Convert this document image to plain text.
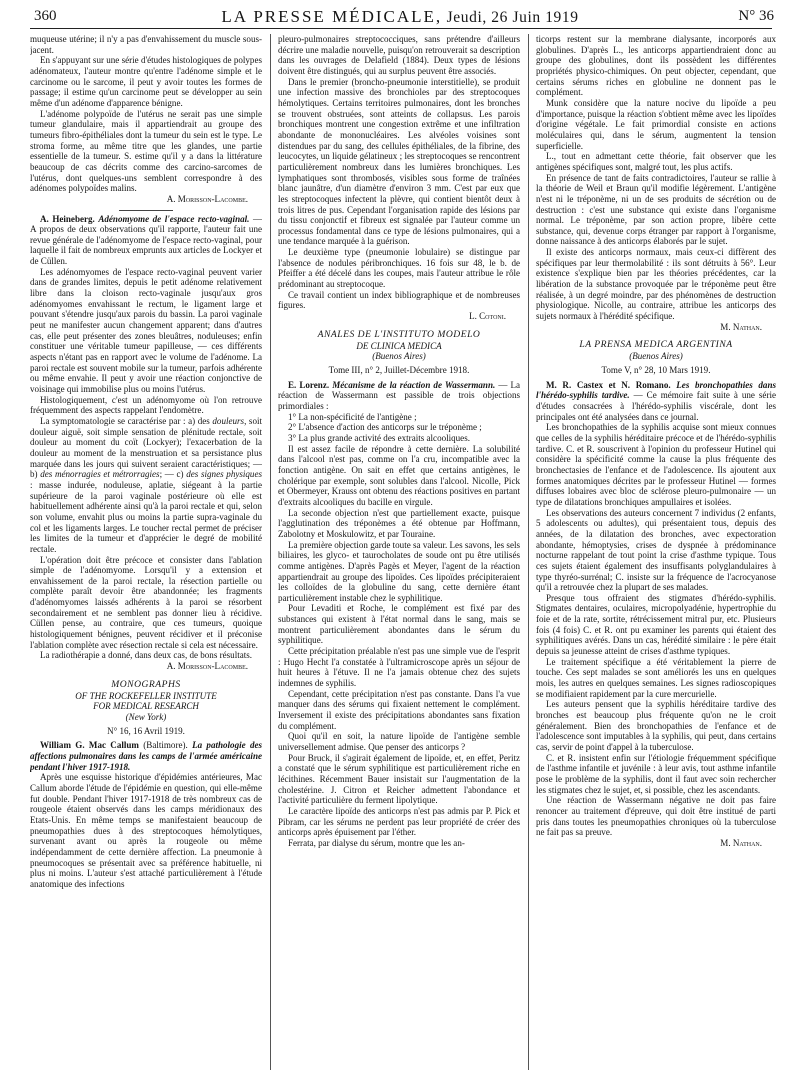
360	LA PRESSE MÉDICALE, Jeudi, 26 Juin 1919	N° 36

muqueuse utérine; il n'y a pas d'envahissement du muscle sous-jacent.

En s'appuyant sur une série d'études histologiques de polypes adénomateux, l'auteur montre qu'entre l'adénome simple et le carcinome ou le sarcome, il peut y avoir toutes les formes de passage; il estime qu'un carcinome peut se développer au sein même d'un adénome d'apparence bénigne.

L'adénome polypoïde de l'utérus ne serait pas une simple tumeur glandulaire, mais il appartiendrait au groupe des tumeurs fibro-épithéliales dont la tumeur du sein est le type. Le stroma forme, au même titre que les glandes, une partie essentielle de la tumeur. S. estime qu'il y a dans la littérature beaucoup de cas décrits comme des carcino-sarcomes de l'utérus, dont quelques-uns semblent correspondre à des adénomes polypoïdes malins.

A. Morisson-Lacombe.

A. Heineberg. Adénomyome de l'espace recto-vaginal. — A propos de deux observations qu'il rapporte, l'auteur fait une revue générale de l'adénomyome de l'espace recto-vaginal, pour laquelle il fait de nombreux emprunts aux articles de Lockyer et de Cüllen.

Les adénomyomes de l'espace recto-vaginal peuvent varier dans de grandes limites, depuis le petit adénome relativement libre dans la cloison recto-vaginale jusqu'aux gros adénomyomes envahissant le rectum, le ligament large et pouvant s'étendre jusqu'aux parois du bassin. La paroi vaginale peut ne manifester aucun changement apparent; dans d'autres cas, elle peut présenter des zones bleuâtres, noduleuses; enfin constituer une véritable tumeur papilleuse, — ces différents aspects n'étant pas en rapport avec le volume de l'adénome. La paroi rectale est souvent mobile sur la tumeur, parfois adhérente ou même envahie. Il peut y avoir une réaction conjonctive de voisinage qui immobilise plus ou moins l'utérus.

Histologiquement, c'est un adénomyome où l'on retrouve fréquemment des aspects rappelant l'endomètre.

La symptomatologie se caractérise par : a) des douleurs, soit douleur aiguë, soit simple sensation de plénitude rectale, soit douleur au moment du coït (Lockyer); l'exacerbation de la douleur au moment de la menstruation et sa persistance plus marquée dans les jours qui suivent seraient caractéristiques; — b) des ménorragies et métrorragies; — c) des signes physiques : masse indurée, noduleuse, aplatie, siégeant à la partie supérieure de la paroi vaginale postérieure où elle est habituellement adhérente ainsi qu'à la paroi rectale et qui, selon son volume, envahit plus ou moins la partie supra-vaginale du col et les ligaments larges. Le toucher rectal permet de préciser les limites de la tumeur et d'apprécier le degré de mobilité rectale.

L'opération doit être précoce et consister dans l'ablation simple de l'adénomyome. Lorsqu'il y a extension et envahissement de la paroi rectale, la résection partielle ou complète paraît devoir être abandonnée; les fragments d'adénomyomes laissés adhérents à la paroi se résorbent secondairement et ne semblent pas donner lieu à récidive. Cüllen pense, au contraire, que ces tumeurs, quoique histologiquement bénignes, peuvent récidiver et il préconise l'ablation complète avec résection rectale si cela est nécessaire.

La radiothérapie a donné, dans deux cas, de bons résultats.

A. Morisson-Lacombe.

MONOGRAPHS

OF THE ROCKEFELLER INSTITUTE

FOR MEDICAL RESEARCH

(New York)

N° 16, 16 Avril 1919.

William G. Mac Callum (Baltimore). La pathologie des affections pulmonaires dans les camps de l'armée américaine pendant l'hiver 1917-1918.

Après une esquisse historique d'épidémies antérieures, Mac Callum aborde l'étude de l'épidémie en question, qui elle-même fut double. Pendant l'hiver 1917-1918 de très nombreux cas de rougeole étaient observés dans les camps méridionaux des Etats-Unis. En même temps se manifestaient beaucoup de pneumopathies dues à des streptocoques hémolytiques, survenant avant ou après la rougeole ou même indépendamment de cette dernière affection. La pneumonie à pneumocoques se présentait avec sa préférence habituelle, ni plus ni moins. L'auteur s'est attaché particulièrement à l'étude anatomique des infections

pleuro-pulmonaires streptococciques, sans prétendre d'ailleurs décrire une maladie nouvelle, puisqu'on retrouverait sa description dans les ouvrages de Delafield (1884). Deux types de lésions doivent être distingués, qui au surplus peuvent être associés.

Dans le premier (broncho-pneumonie interstitielle), se produit une infection massive des bronchioles par des streptocoques hémolytiques. Certains territoires pulmonaires, dont les bronches se trouvent obstruées, sont atteints de collapsus. Les parois bronchiques montrent une congestion extrême et une infiltration abondante de mononucléaires. Les alvéoles voisines sont distendues par du sang, des cellules épithéliales, de la fibrine, des leucocytes, un liquide gélatineux ; les streptocoques se rencontrent particulièrement nombreux dans les lumières bronchiques. Les lymphatiques sont thrombosés, visibles sous forme de traînées blanc jaunâtre, d'un diamètre d'environ 3 mm. C'est par eux que les streptocoques infectent la plèvre, qui contient bientôt deux à trois litres de pus. Cependant l'organisation rapide des lésions par du tissu conjonctif et fibreux est signalée par l'auteur comme un processus fondamental dans ce type de lésions pulmonaires, qui a une tendance marquée à la guérison.

Le deuxième type (pneumonie lobulaire) se distingue par l'absence de nodules péribronchiques. 16 fois sur 48, le b. de Pfeiffer a été décelé dans les coupes, mais l'auteur attribue le rôle prédominant au streptocoque.

Ce travail contient un index bibliographique et de nombreuses figures.

L. Cotoni.

ANALES DE L'INSTITUTO MODELO

DE CLINICA MEDICA

(Buenos Aires)

Tome III, n° 2, Juillet-Décembre 1918.

E. Lorenz. Mécanisme de la réaction de Wassermann. — La réaction de Wassermann est passible de trois objections primordiales :

1° La non-spécificité de l'antigène ;

2° L'absence d'action des anticorps sur le tréponème ;

3° La plus grande activité des extraits alcooliques.

Il est assez facile de répondre à cette dernière. La solubilité dans l'alcool n'est pas, comme on l'a cru, incompatible avec la fonction antigène. On sait en effet que certains antigènes, le cholérique par exemple, sont solubles dans l'alcool. Nicolle, Pick et Obermeyer, Krauss ont obtenu des réactions positives en partant d'extraits alcooliques du bacille en virgule.

La seconde objection n'est que partiellement exacte, puisque l'agglutination des tréponèmes a été obtenue par Hoffmann, Zabolotny et Moskulowitz, et par Touraine.

La première objection garde toute sa valeur. Les savons, les sels biliaires, les glyco- et taurocholates de soude ont pu être utilisés comme antigènes. D'après Pagès et Meyer, l'agent de la réaction appartiendrait au groupe des lipoïdes. Ces lipoïdes précipiteraient les colloïdes de la globuline du sang, cette dernière étant particulièrement instable chez le syphilitique.

Pour Levaditi et Roche, le complément est fixé par des substances qui existent à l'état normal dans le sang, mais se montrent particulièrement abondantes dans le sérum du syphilitique.

Cette précipitation préalable n'est pas une simple vue de l'esprit : Hugo Hecht l'a constatée à l'ultramicroscope après un séjour de huit heures à l'étuve. Il ne l'a jamais obtenue chez des sujets indemnes de syphilis.

Cependant, cette précipitation n'est pas constante. Dans l'a vue manquer dans des sérums qui fixaient nettement le complément. Inversement il existe des précipitations abondantes sans fixation du complément.

Quoi qu'il en soit, la nature lipoïde de l'antigène semble universellement admise. Que penser des anticorps ?

Pour Bruck, il s'agirait également de lipoïde, et, en effet, Peritz a constaté que le sérum syphilitique est particulièrement riche en lécithines. Récemment Bauer insistait sur l'augmentation de la cholestérine. J. Citron et Reicher admettent l'abondance et l'activité particulière du ferment lipolytique.

Le caractère lipoïde des anticorps n'est pas admis par P. Pick et Pibram, car les sérums ne perdent pas leur propriété de créer des anticorps après épuisement par l'éther.

Ferrata, par dialyse du sérum, montre que les an-

ticorps restent sur la membrane dialysante, incorporés aux globulines. D'après L., les anticorps appartiendraient donc au groupe des globulines, dont ils possèdent les différentes propriétés physico-chimiques. On peut objecter, cependant, que certains sérums riches en globuline ne donnent pas le complément.

Munk considère que la nature nocive du lipoïde a peu d'importance, puisque la réaction s'obtient même avec les lipoïdes d'origine végétale. Le fait primordial consiste en actions moléculaires qui, dans le sérum, augmentent la tension superficielle.

L., tout en admettant cette théorie, fait observer que les antigènes spécifiques sont, malgré tout, les plus actifs.

En présence de tant de faits contradictoires, l'auteur se rallie à la théorie de Weil et Braun qu'il modifie légèrement. L'antigène n'est ni le tréponème, ni un de ses produits de sécrétion ou de destruction : c'est une substance qui existe dans l'organisme normal. Le tréponème, par son action propre, libère cette substance, qui, devenue corps étranger par rapport à l'organisme, donne naissance à des anticorps élaborés par le sujet.

Il existe des anticorps normaux, mais ceux-ci diffèrent des spécifiques par leur thermolabilité : ils sont détruits à 56°. Leur existence s'explique bien par les théories précédentes, car la libération de la substance provoquée par le tréponème peut être réalisée, à un degré moindre, par des phénomènes de destruction physiologique. Nicolle, au contraire, attribue les anticorps des sujets normaux à l'hérédité spécifique.

M. Nathan.

LA PRENSA MEDICA ARGENTINA

(Buenos Aires)

Tome V, n° 28, 10 Mars 1919.

M. R. Castex et N. Romano. Les bronchopathies dans l'hérédo-syphilis tardive. — Ce mémoire fait suite à une série d'études consacrées à l'hérédo-syphilis viscérale, dont les principales ont été analysées dans ce journal.

Les bronchopathies de la syphilis acquise sont mieux connues que celles de la syphilis héréditaire précoce et de l'hérédo-syphilis tardive. C. et R. souscrivent à l'opinion du professeur Hutinel qui considère la spécificité comme la cause la plus fréquente des bronchectasies de l'enfance et de l'adolescence. Ils ajoutent aux formes anatomiques décrites par le professeur Hutinel — formes diffuses lobaires avec bloc de sclérose pleuro-pulmonaire — un type de dilatations bronchiques ampullaires et isolées.

Les observations des auteurs concernent 7 individus (2 enfants, 5 adolescents ou adultes), qui présentaient tous, depuis des années, de la dilatation des bronches, avec expectoration abondante, hémoptysies, crises de dyspnée à prédominance nocturne rappelant de tout point la crise d'asthme typique. Tous ces sujets étaient également des insuffisants polyglandulaires à type thyréo-surrénal; C. insiste sur la fréquence de l'acrocyanose qu'il a retrouvée chez la plupart de ses malades.

Presque tous offraient des stigmates d'hérédo-syphilis. Stigmates dentaires, oculaires, micropolyadénie, hypertrophie du foie et de la rate, sortite, rétrécissement mitral pur, etc. Plusieurs fois (4 fois) C. et R. ont pu examiner les parents qui étaient des syphilitiques avérés. Dans un cas, hérédité similaire : le père était depuis sa jeunesse atteint de crises d'asthme typiques.

Le traitement spécifique a été véritablement la pierre de touche. Ces sept malades se sont améliorés les uns en quelques mois, les autres en quelques semaines. Les signes radioscopiques se modifiaient rapidement par la cure mercurielle.

Les auteurs pensent que la syphilis héréditaire tardive des bronches est beaucoup plus fréquente qu'on ne le croit généralement. Bien des bronchopathies de l'enfance et de l'adolescence sont imputables à la syphilis, qui peut, dans certains cas, servir de point d'appel à la tuberculose.

C. et R. insistent enfin sur l'étiologie fréquemment spécifique de l'asthme infantile et juvénile : à leur avis, tout asthme infantile pose le problème de la syphilis, dont il faut avec soin rechercher les stigmates chez le sujet, et, si possible, chez les ascendants.

Une réaction de Wassermann négative ne doit pas faire renoncer au traitement d'épreuve, qui doit être institué de parti pris dans toutes les pneumopathies chroniques où la tuberculose ne fait pas sa preuve.

M. Nathan.
